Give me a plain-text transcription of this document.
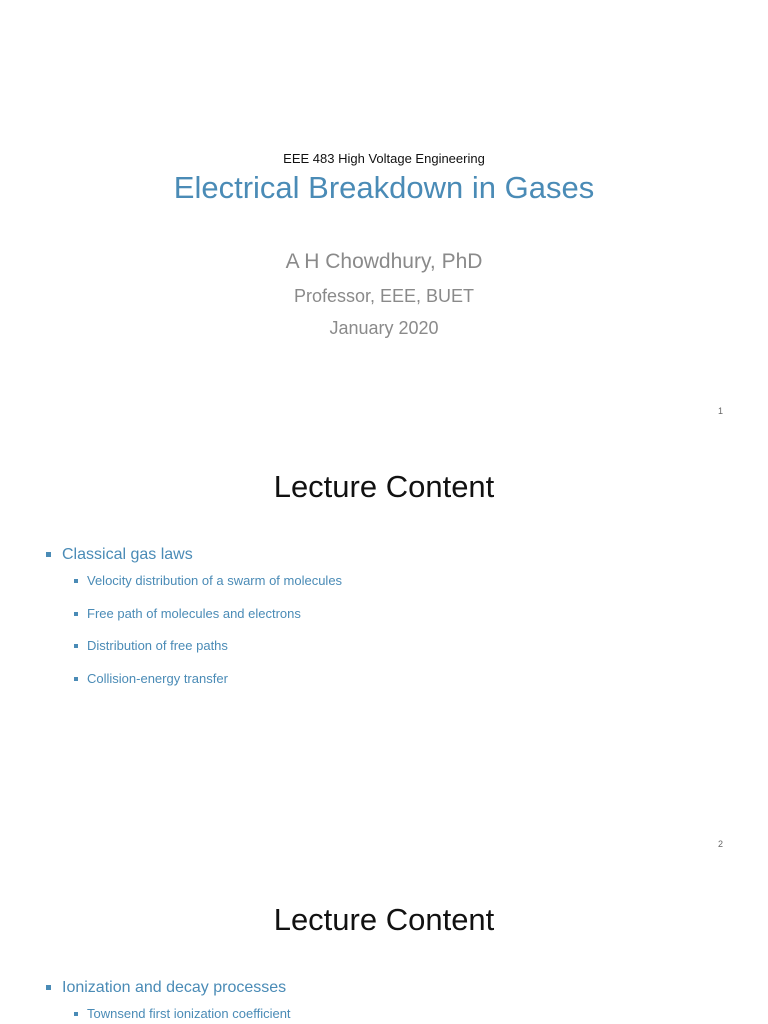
EEE 483 High Voltage Engineering
Electrical Breakdown in Gases
A H Chowdhury, PhD
Professor, EEE, BUET
January 2020
1
Lecture Content
Classical gas laws
Velocity distribution of a swarm of molecules
Free path of molecules and electrons
Distribution of free paths
Collision-energy transfer
2
Lecture Content
Ionization and decay processes
Townsend first ionization coefficient
